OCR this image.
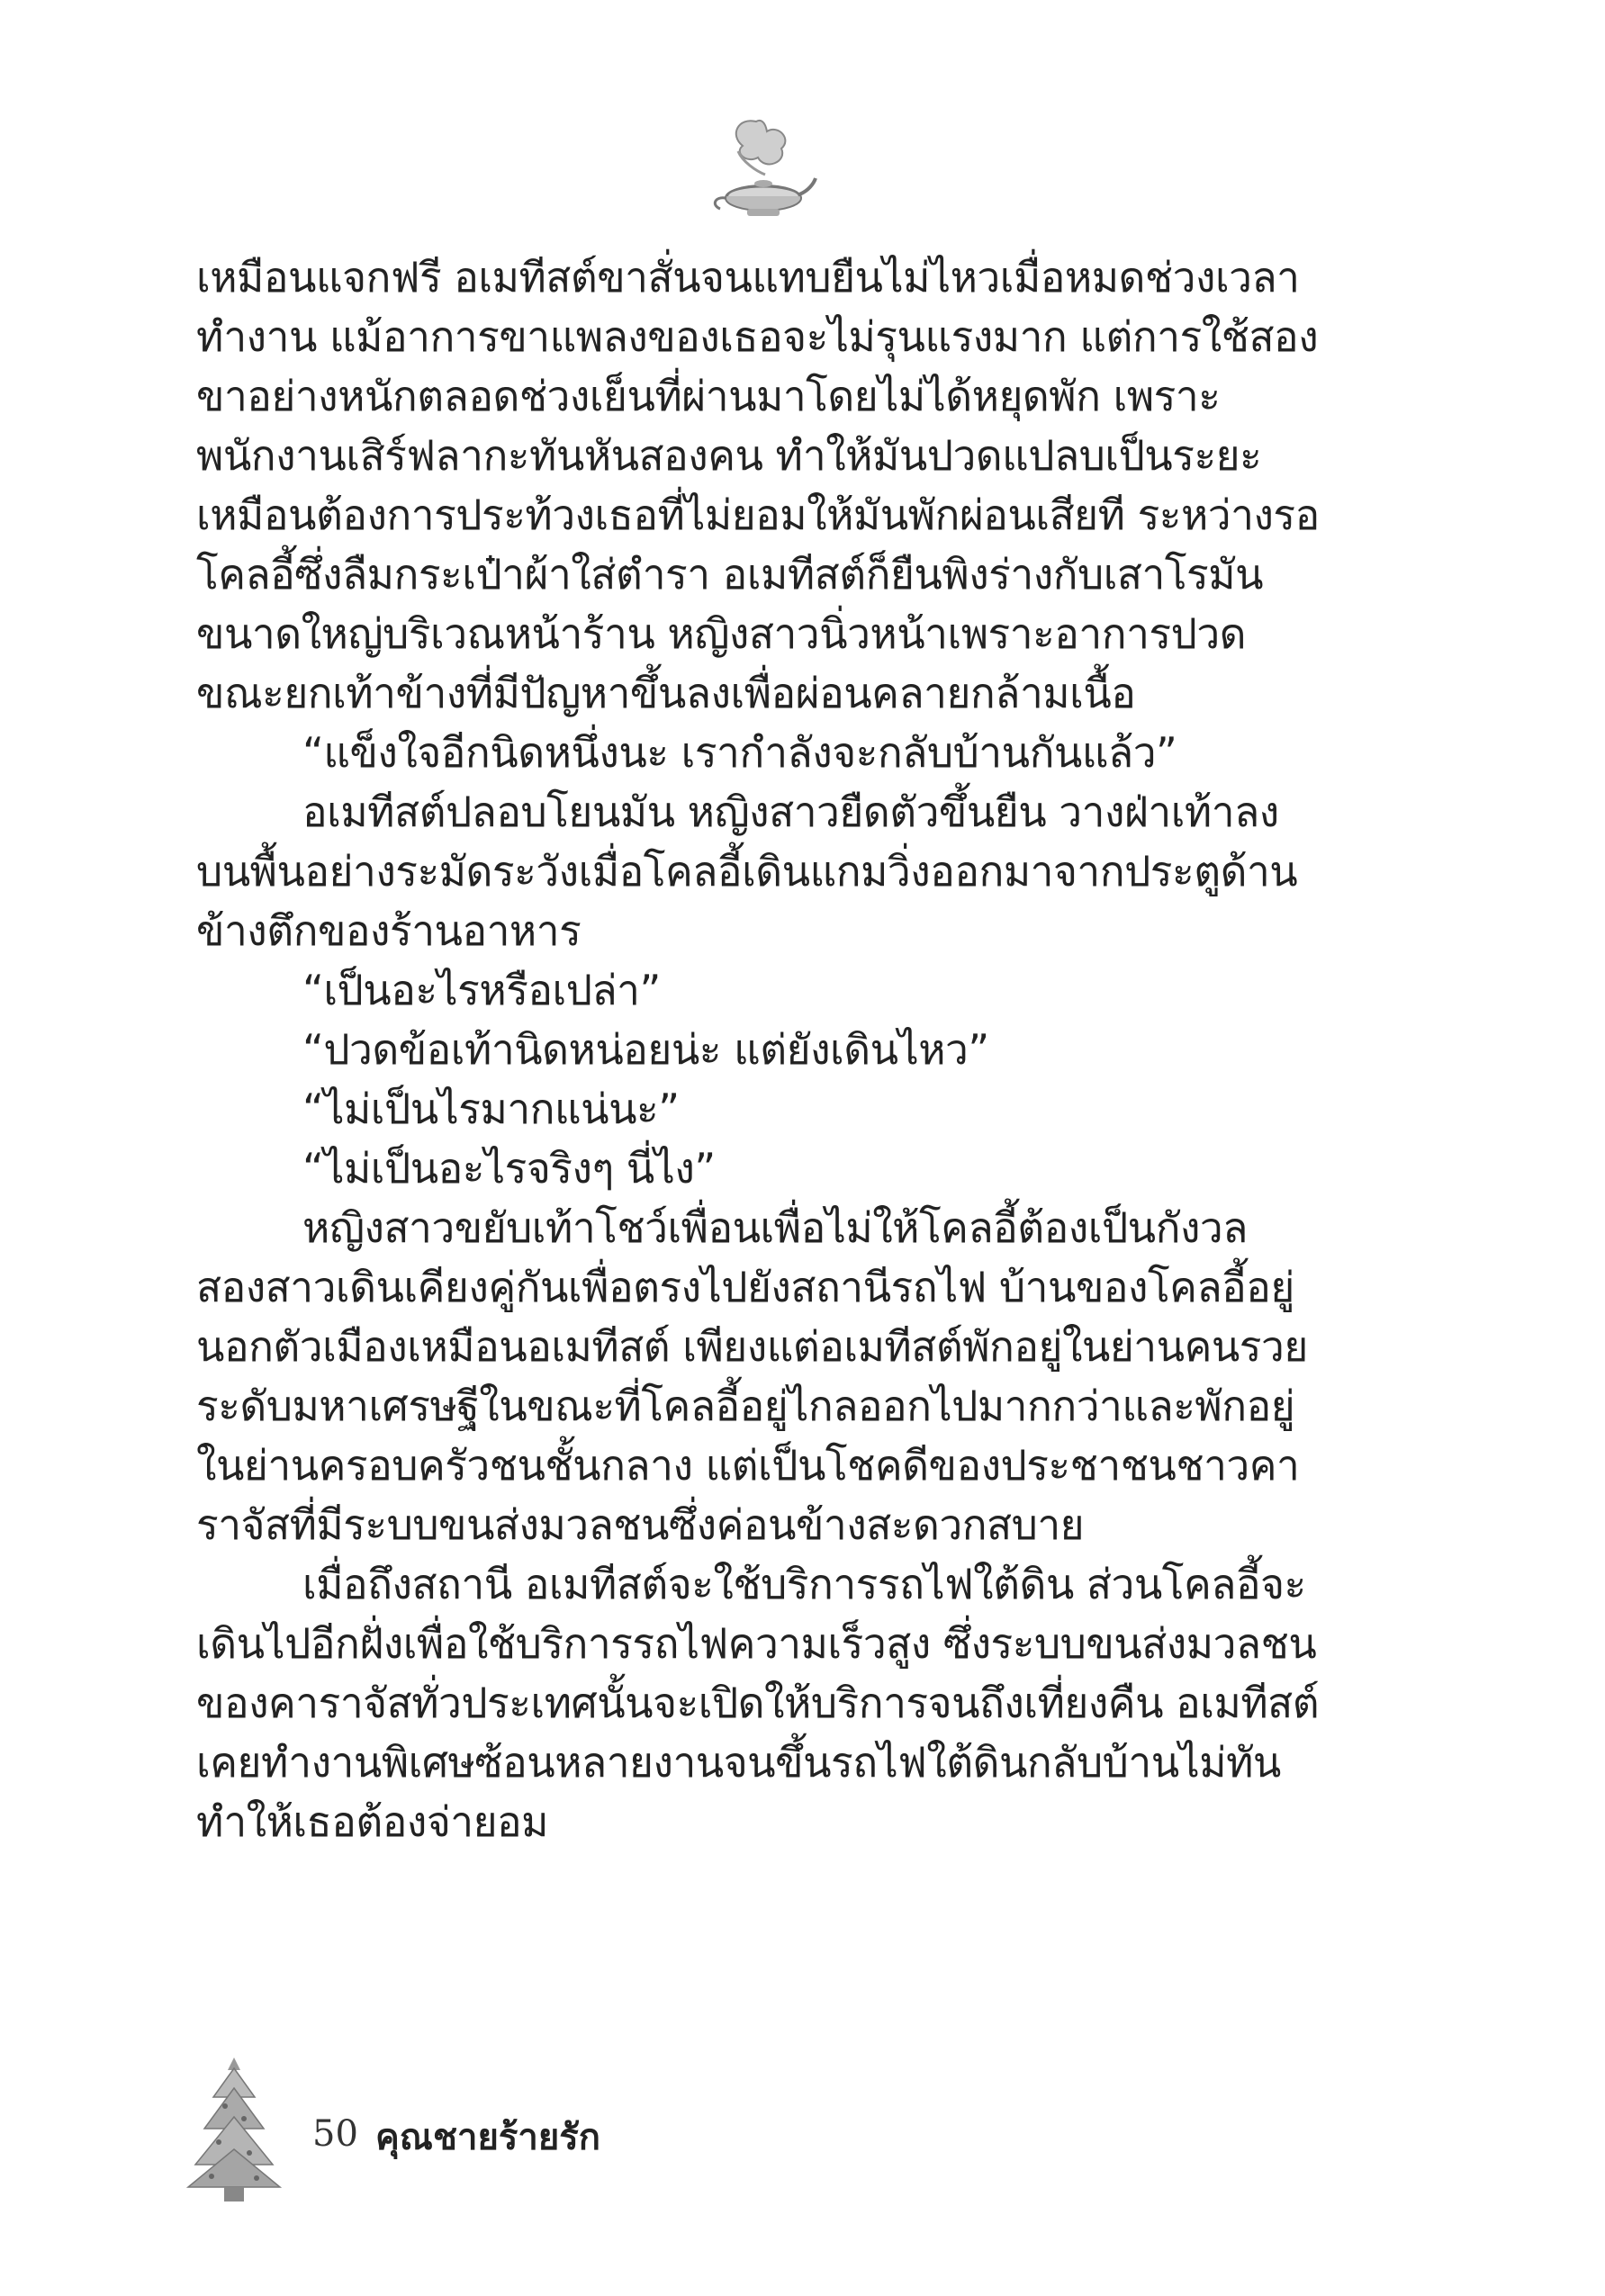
เหมือนแจกฟรี อเมทีสต์ขาสั่นจนแทบยืนไม่ไหวเมื่อหมดช่วงเวลาทำงาน แม้อาการขาแพลงของเธอจะไม่รุนแรงมาก แต่การใช้สองขาอย่างหนักตลอดช่วงเย็นที่ผ่านมาโดยไม่ได้หยุดพัก เพราะพนักงานเสิร์ฟลากะทันหันสองคน ทำให้มันปวดแปลบเป็นระยะ เหมือนต้องการประท้วงเธอที่ไม่ยอมให้มันพักผ่อนเสียที ระหว่างรอโคลอี้ซึ่งลืมกระเป๋าผ้าใส่ตำรา อเมทีสต์ก็ยืนพิงร่างกับเสาโรมันขนาดใหญ่บริเวณหน้าร้าน หญิงสาวนิ่วหน้าเพราะอาการปวดขณะยกเท้าข้างที่มีปัญหาขึ้นลงเพื่อผ่อนคลายกล้ามเนื้อ

“แข็งใจอีกนิดหนึ่งนะ เรากำลังจะกลับบ้านกันแล้ว”

อเมทีสต์ปลอบโยนมัน หญิงสาวยืดตัวขึ้นยืน วางฝ่าเท้าลงบนพื้นอย่างระมัดระวังเมื่อโคลอี้เดินแกมวิ่งออกมาจากประตูด้านข้างตึกของร้านอาหาร

“เป็นอะไรหรือเปล่า”

“ปวดข้อเท้านิดหน่อยน่ะ แต่ยังเดินไหว”

“ไม่เป็นไรมากแน่นะ”

“ไม่เป็นอะไรจริงๆ นี่ไง”

หญิงสาวขยับเท้าโชว์เพื่อนเพื่อไม่ให้โคลอี้ต้องเป็นกังวล สองสาวเดินเคียงคู่กันเพื่อตรงไปยังสถานีรถไฟ บ้านของโคลอี้อยู่นอกตัวเมืองเหมือนอเมทีสต์ เพียงแต่อเมทีสต์พักอยู่ในย่านคนรวยระดับมหาเศรษฐีในขณะที่โคลอี้อยู่ไกลออกไปมากกว่าและพักอยู่ในย่านครอบครัวชนชั้นกลาง แต่เป็นโชคดีของประชาชนชาวคาราจัสที่มีระบบขนส่งมวลชนซึ่งค่อนข้างสะดวกสบาย

เมื่อถึงสถานี อเมทีสต์จะใช้บริการรถไฟใต้ดิน ส่วนโคลอี้จะเดินไปอีกฝั่งเพื่อใช้บริการรถไฟความเร็วสูง ซึ่งระบบขนส่งมวลชนของคาราจัสทั่วประเทศนั้นจะเปิดให้บริการจนถึงเที่ยงคืน อเมทีสต์เคยทำงานพิเศษซ้อนหลายงานจนขึ้นรถไฟใต้ดินกลับบ้านไม่ทัน ทำให้เธอต้องจ่ายอม

50 คุณชายร้ายรัก
